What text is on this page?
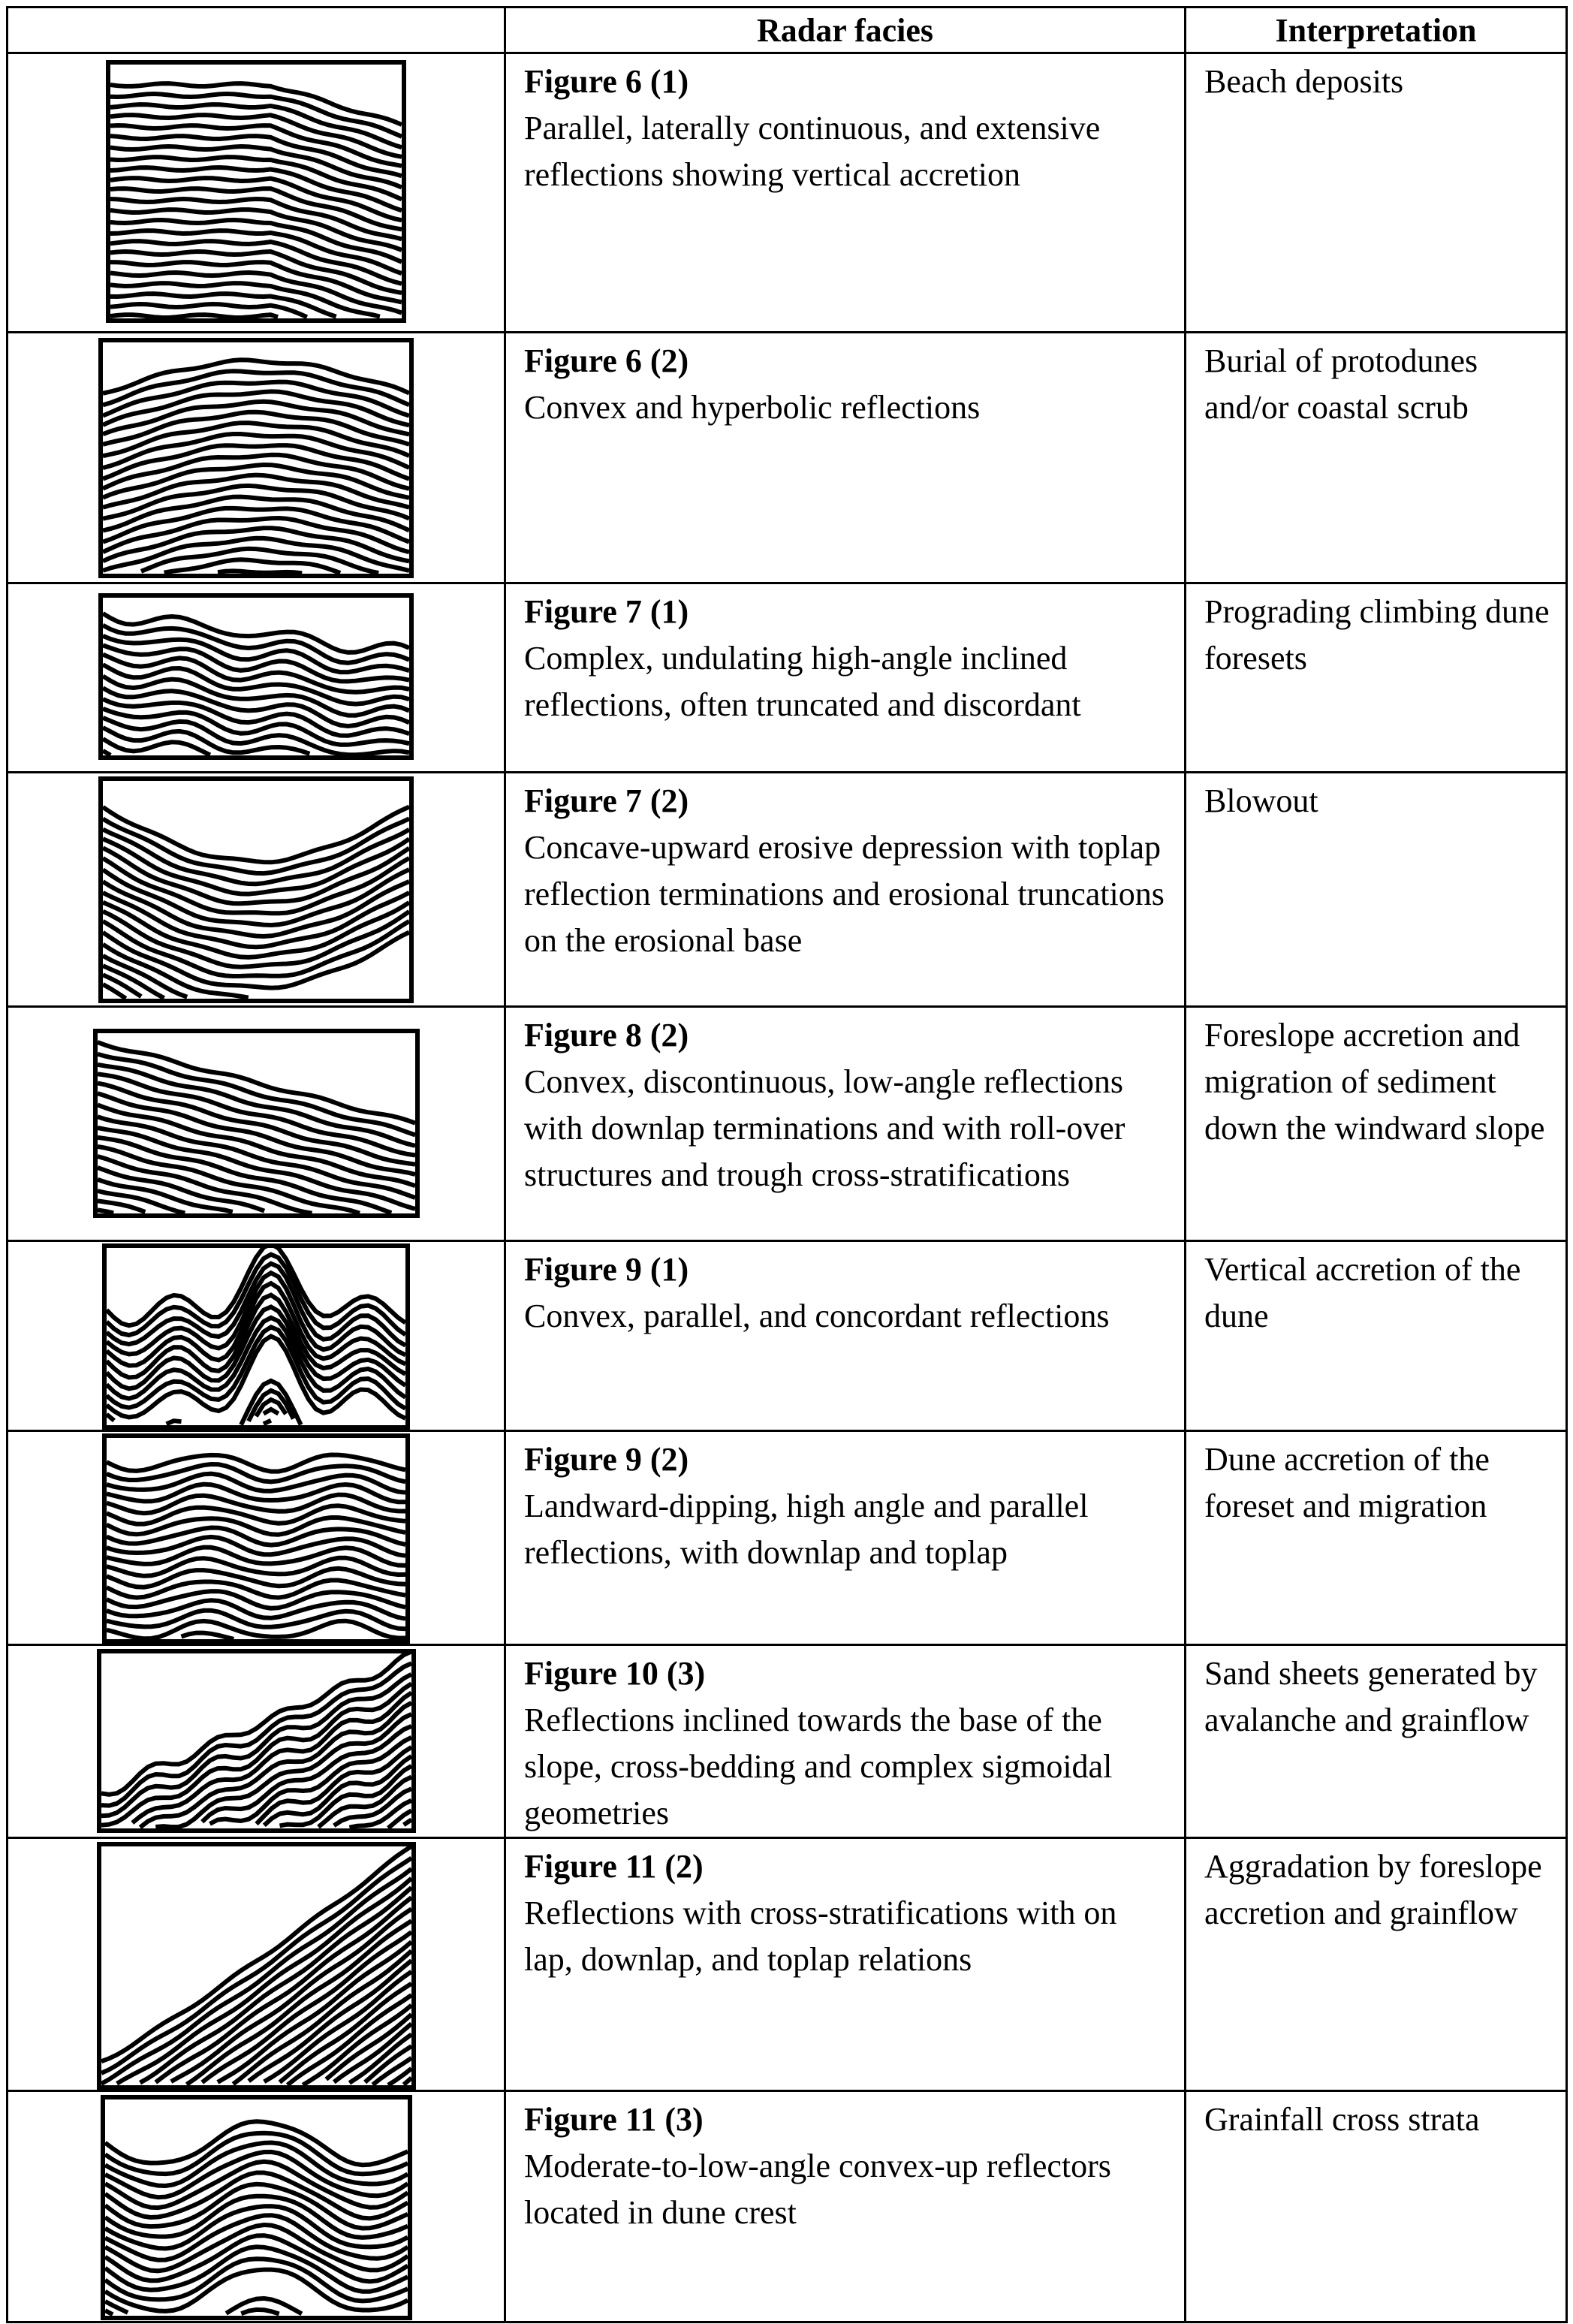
	Radar facies	Interpretation

Figure 6 (1)
Parallel, laterally continuous, and extensive reflections showing vertical accretion	Beach deposits

Figure 6 (2)
Convex and hyperbolic reflections	Burial of protodunes and/or coastal scrub

Figure 7 (1)
Complex, undulating high-angle inclined reflections, often truncated and discordant	Prograding climbing dune foresets

Figure 7 (2)
Concave-upward erosive depression with toplap reflection terminations and erosional truncations on the erosional base	Blowout

Figure 8 (2)
Convex, discontinuous, low-angle reflections with downlap terminations and with roll-over structures and trough cross-stratifications	Foreslope accretion and migration of sediment down the windward slope

Figure 9 (1)
Convex, parallel, and concordant reflections	Vertical accretion of the dune

Figure 9 (2)
Landward-dipping, high angle and parallel reflections, with downlap and toplap	Dune accretion of the foreset and migration

Figure 10 (3)
Reflections inclined towards the base of the slope, cross-bedding and complex sigmoidal geometries	Sand sheets generated by avalanche and grainflow

Figure 11 (2)
Reflections with cross-stratifications with on lap, downlap, and toplap relations	Aggradation by foreslope accretion and grainflow

Figure 11 (3)
Moderate-to-low-angle convex-up reflectors located in dune crest	Grainfall cross strata
